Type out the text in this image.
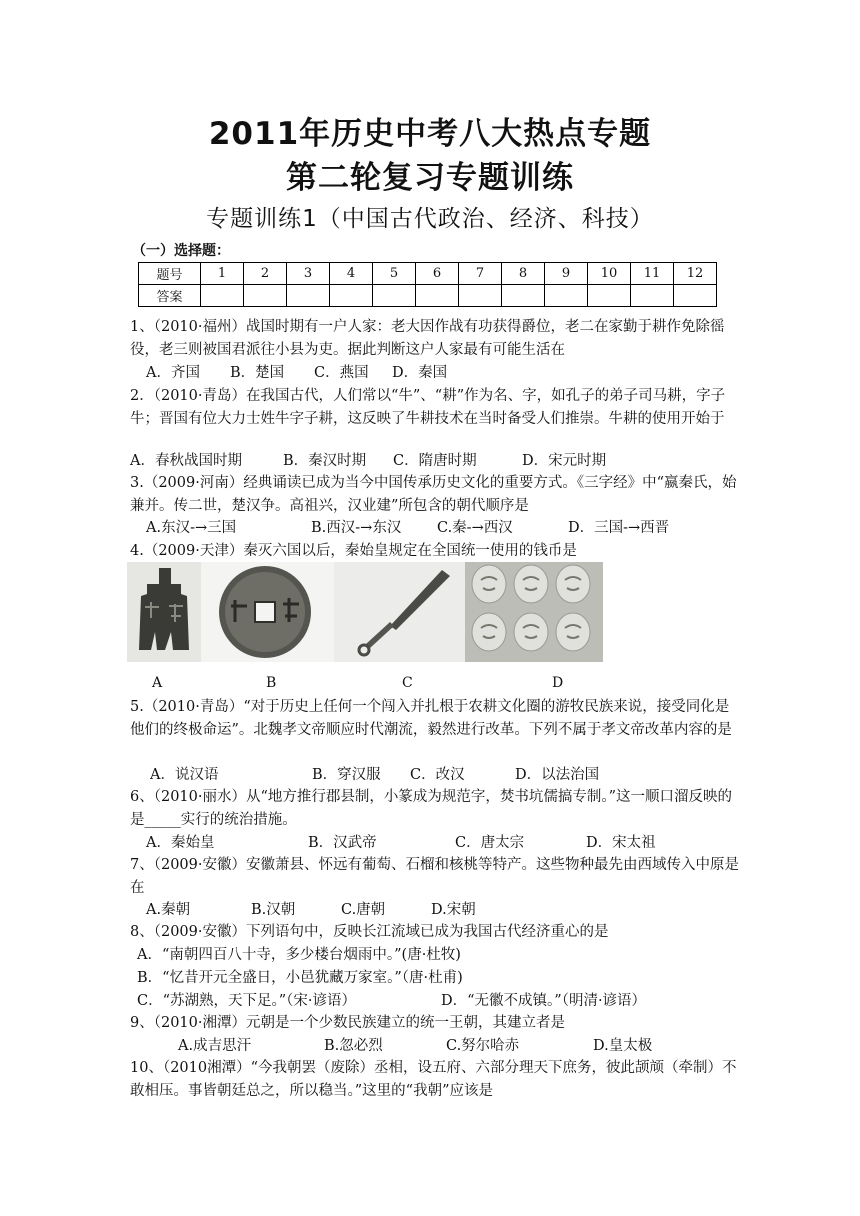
2011年历史中考八大热点专题
第二轮复习专题训练
专题训练1（中国古代政治、经济、科技）
（一）选择题：
题号	1	2	3	4	5	6	7	8	9	10	11	12
答案												
1、（2010·福州）战国时期有一户人家：老大因作战有功获得爵位，老二在家勤于耕作免除徭役，老三则被国君派往小县为吏。据此判断这户人家最有可能生活在
A．齐国 B．楚国 C．燕国 D．秦国
2．（2010·青岛）在我国古代，人们常以“牛”、“耕”作为名、字，如孔子的弟子司马耕，字子牛；晋国有位大力士姓牛字子耕，这反映了牛耕技术在当时备受人们推崇。牛耕的使用开始于
A．春秋战国时期	B．秦汉时期 C．隋唐时期	D．宋元时期
3.（2009·河南）经典诵读已成为当今中国传承历史文化的重要方式。《三字经》中“嬴秦氏，始兼并。传二世，楚汉争。高祖兴，汉业建”所包含的朝代顺序是
A.东汉-→三国	B.西汉-→东汉 C.秦-→西汉	D．三国-→西晋
4.（2009·天津）秦灭六国以后，秦始皇规定在全国统一使用的钱币是
A	B	C	D
5.（2010·青岛）“对于历史上任何一个闯入并扎根于农耕文化圈的游牧民族来说，接受同化是他们的终极命运”。北魏孝文帝顺应时代潮流，毅然进行改革。下列不属于孝文帝改革内容的是
A．说汉语	B．穿汉服 C．改汉	D．以法治国
6、（2010·丽水）从“地方推行郡县制，小篆成为规范字，焚书坑儒搞专制。”这一顺口溜反映的是_____实行的统治措施。
A．秦始皇	B．汉武帝	C．唐太宗	D．宋太祖
7、（2009·安徽）安徽萧县、怀远有葡萄、石榴和核桃等特产。这些物种最先由西域传入中原是在
A.秦朝	B.汉朝	C.唐朝	D.宋朝
8、（2009·安徽）下列语句中，反映长江流域已成为我国古代经济重心的是
A．“南朝四百八十寺，多少楼台烟雨中。”(唐·杜牧)
B．“忆昔开元全盛日，小邑犹藏万家室。”（唐·杜甫)
C．“苏湖熟，天下足。”（宋·谚语）	D．“无徽不成镇。”（明清·谚语）
9、（2010·湘潭）元朝是一个少数民族建立的统一王朝，其建立者是
A.成吉思汗	B.忽必烈	C.努尔哈赤	D.皇太极
10、（2010湘潭）“今我朝罢（废除）丞相，设五府、六部分理天下庶务，彼此颉颃（牵制）不敢相压。事皆朝廷总之，所以稳当。”这里的“我朝”应该是
